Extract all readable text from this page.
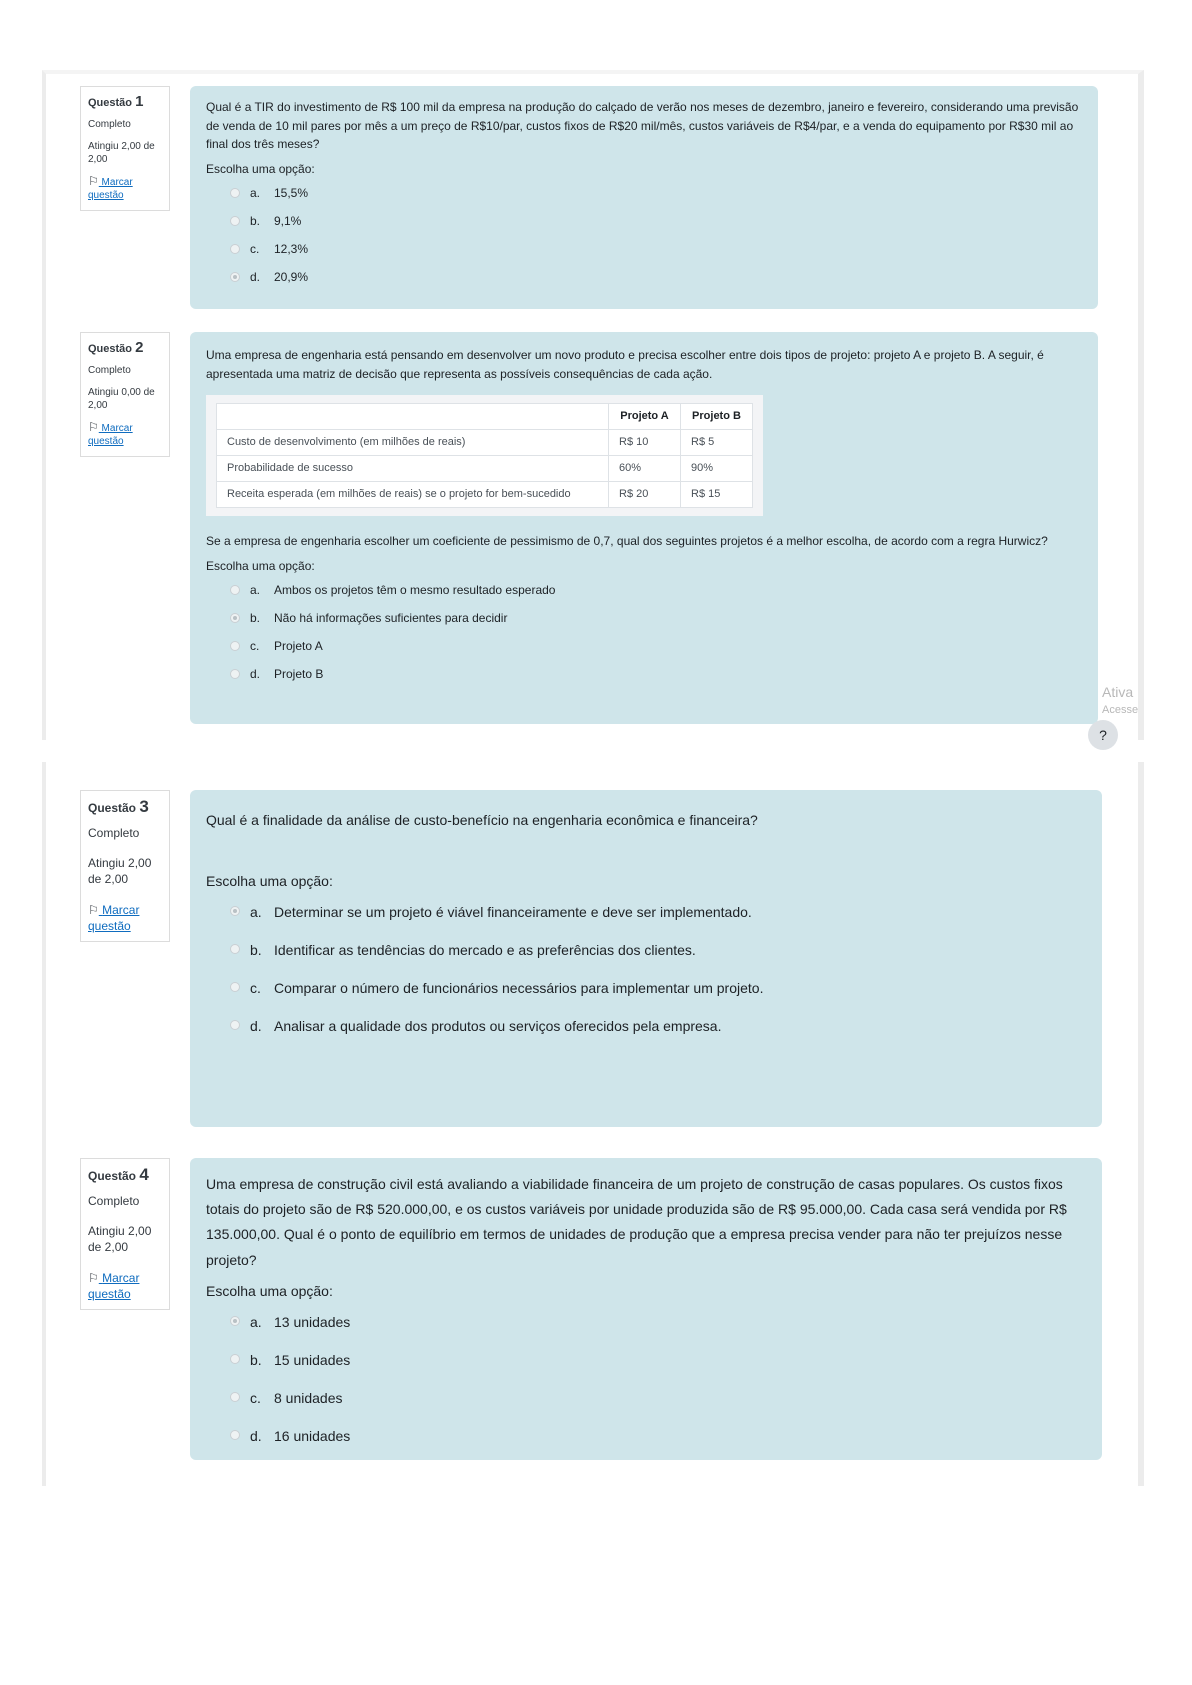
Questão 1
Completo
Atingiu 2,00 de 2,00
⚐ Marcar questão

Qual é a TIR do investimento de R$ 100 mil da empresa na produção do calçado de verão nos meses de dezembro, janeiro e fevereiro, considerando uma previsão de venda de 10 mil pares por mês a um preço de R$10/par, custos fixos de R$20 mil/mês, custos variáveis de R$4/par, e a venda do equipamento por R$30 mil ao final dos três meses?

Escolha uma opção:
a.	15,5%
b.	9,1%
c.	12,3%
d.	20,9%
Questão 2
Completo
Atingiu 0,00 de 2,00
⚐ Marcar questão

Uma empresa de engenharia está pensando em desenvolver um novo produto e precisa escolher entre dois tipos de projeto: projeto A e projeto B. A seguir, é apresentada uma matriz de decisão que representa as possíveis consequências de cada ação.

	Projeto A	Projeto B
Custo de desenvolvimento (em milhões de reais)	R$ 10	R$ 5
Probabilidade de sucesso	60%	90%
Receita esperada (em milhões de reais) se o projeto for bem-sucedido	R$ 20	R$ 15

Se a empresa de engenharia escolher um coeficiente de pessimismo de 0,7, qual dos seguintes projetos é a melhor escolha, de acordo com a regra Hurwicz?

Escolha uma opção:
a.	Ambos os projetos têm o mesmo resultado esperado
b.	Não há informações suficientes para decidir
c.	Projeto A
d.	Projeto B
Ativa
Acesse
?
Questão 3
Completo
Atingiu 2,00 de 2,00
⚐ Marcar questão

Qual é a finalidade da análise de custo-benefício na engenharia econômica e financeira?

Escolha uma opção:
a. Determinar se um projeto é viável financeiramente e deve ser implementado.
b. Identificar as tendências do mercado e as preferências dos clientes.
c. Comparar o número de funcionários necessários para implementar um projeto.
d. Analisar a qualidade dos produtos ou serviços oferecidos pela empresa.
Questão 4
Completo
Atingiu 2,00 de 2,00
⚐ Marcar questão

Uma empresa de construção civil está avaliando a viabilidade financeira de um projeto de construção de casas populares. Os custos fixos totais do projeto são de R$ 520.000,00, e os custos variáveis por unidade produzida são de R$ 95.000,00. Cada casa será vendida por R$ 135.000,00. Qual é o ponto de equilíbrio em termos de unidades de produção que a empresa precisa vender para não ter prejuízos nesse projeto?

Escolha uma opção:
a. 13 unidades
b. 15 unidades
c. 8 unidades
d. 16 unidades
